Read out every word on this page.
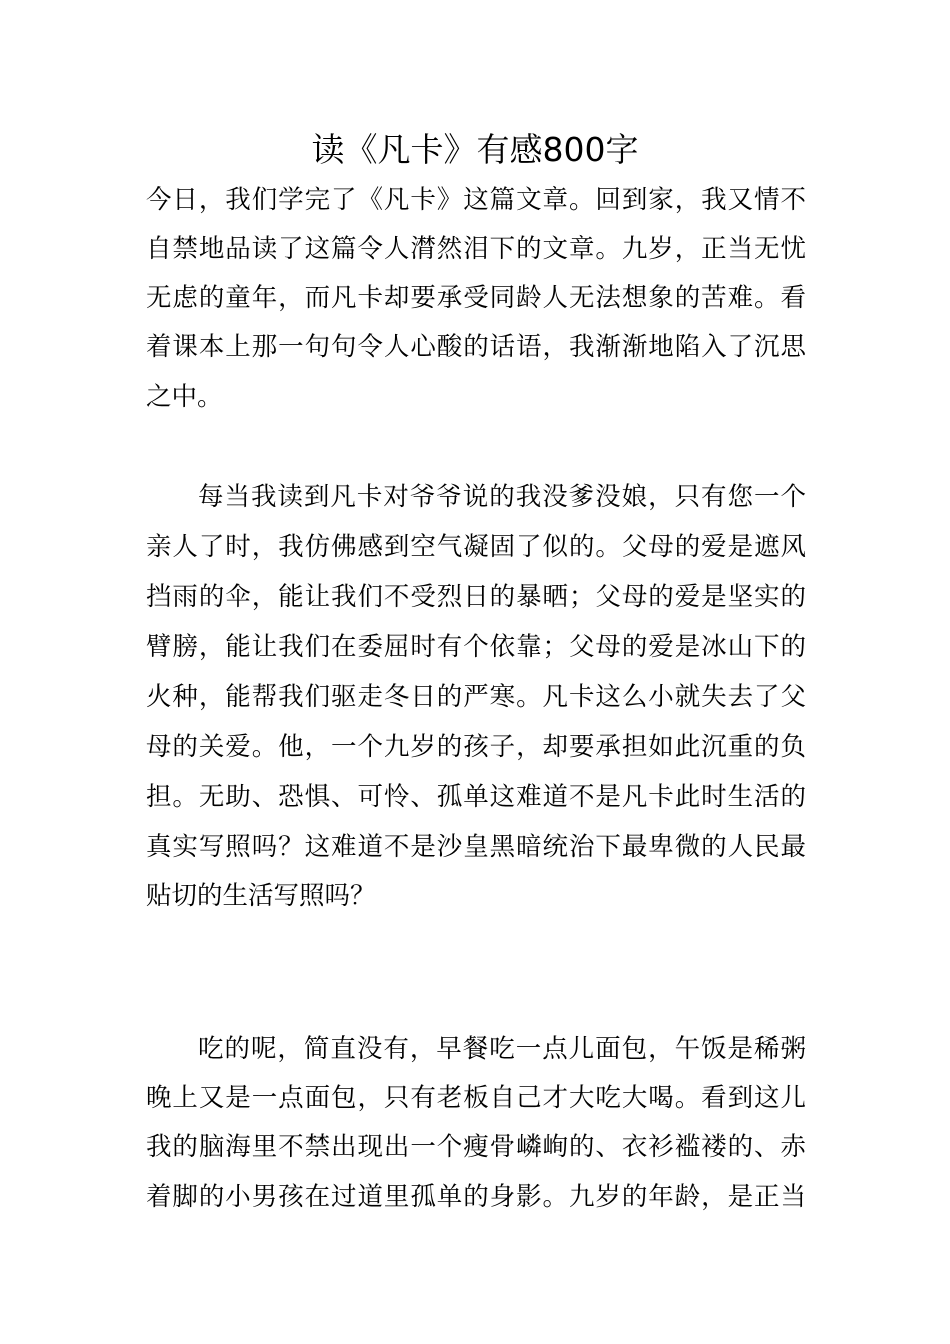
读《凡卡》有感800字
今日，我们学完了《凡卡》这篇文章。回到家，我又情不
自禁地品读了这篇令人潸然泪下的文章。九岁，正当无忧
无虑的童年，而凡卡却要承受同龄人无法想象的苦难。看
着课本上那一句句令人心酸的话语，我渐渐地陷入了沉思
之中。
每当我读到凡卡对爷爷说的我没爹没娘，只有您一个
亲人了时，我仿佛感到空气凝固了似的。父母的爱是遮风
挡雨的伞，能让我们不受烈日的暴晒；父母的爱是坚实的
臂膀，能让我们在委屈时有个依靠；父母的爱是冰山下的
火种，能帮我们驱走冬日的严寒。凡卡这么小就失去了父
母的关爱。他，一个九岁的孩子，却要承担如此沉重的负
担。无助、恐惧、可怜、孤单这难道不是凡卡此时生活的
真实写照吗？这难道不是沙皇黑暗统治下最卑微的人民最
贴切的生活写照吗？
吃的呢，简直没有，早餐吃一点儿面包，午饭是稀粥
晚上又是一点面包，只有老板自己才大吃大喝。看到这儿
我的脑海里不禁出现出一个瘦骨嶙峋的、衣衫褴褛的、赤
着脚的小男孩在过道里孤单的身影。九岁的年龄，是正当
